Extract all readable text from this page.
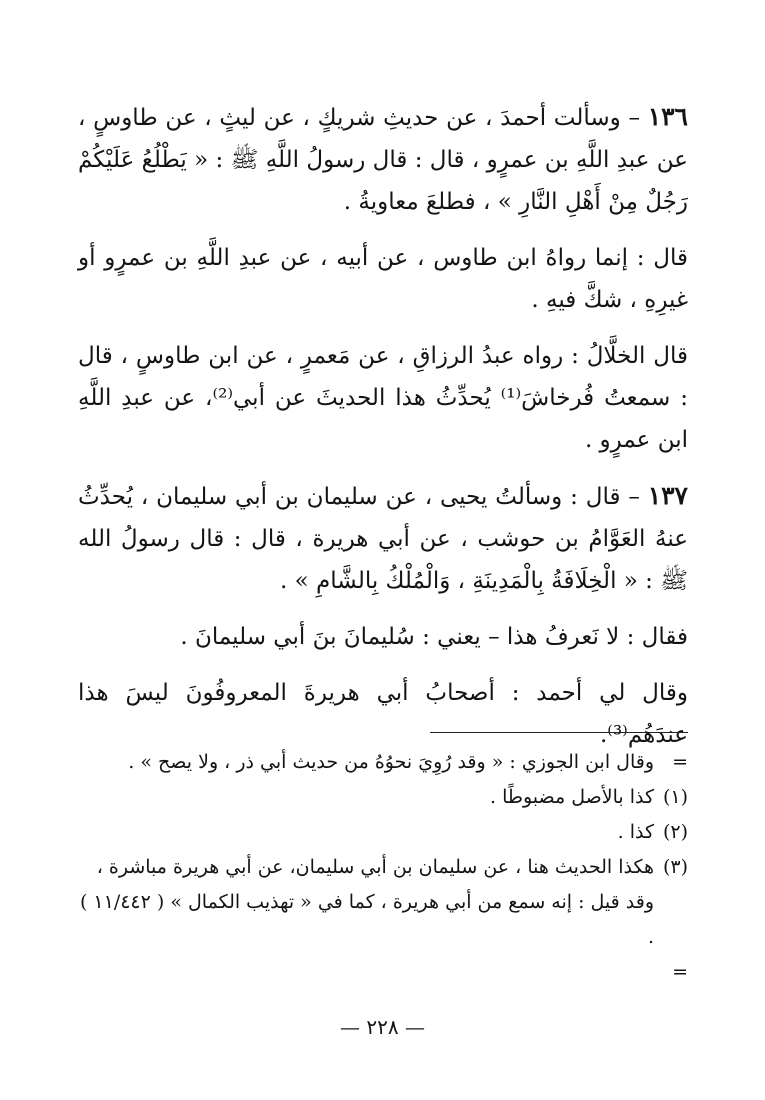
١٣٦ – وسألت أحمدَ ، عن حديثِ شريكٍ ، عن ليثٍ ، عن طاوسٍ ، عن عبدِ اللَّهِ بن عمرٍو ، قال : قال رسولُ اللَّهِ ﷺ : « يَطْلُعُ عَلَيْكُمْ رَجُلٌ مِنْ أَهْلِ النَّارِ » ، فطلعَ معاويةُ .

قال : إنما رواهُ ابن طاوس ، عن أبيه ، عن عبدِ اللَّهِ بن عمرٍو أو غيرِهِ ، شكَّ فيهِ .

قال الخلَّالُ : رواه عبدُ الرزاقِ ، عن مَعمرٍ ، عن ابن طاوسٍ ، قال : سمعتُ فُرخاشَ⁽¹⁾ يُحدِّثُ هذا الحديثَ عن أبي⁽²⁾، عن عبدِ اللَّهِ ابن عمرٍو .

١٣٧ – قال : وسألتُ يحيى ، عن سليمان بن أبي سليمان ، يُحدِّثُ عنهُ العَوَّامُ بن حوشب ، عن أبي هريرة ، قال : قال رسولُ الله ﷺ : « الْخِلَافَةُ بِالْمَدِينَةِ ، وَالْمُلْكُ بِالشَّامِ » .

فقال : لا نَعرفُ هذا – يعني : سُليمانَ بنَ أبي سليمانَ .

وقال لي أحمد : أصحابُ أبي هريرةَ المعروفُونَ ليسَ هذا عندَهُم⁽³⁾.

=
وقال ابن الجوزي : « وقد رُوِيَ نحوُهُ من حديث أبي ذر ، ولا يصح » .
(١)
كذا بالأصل مضبوطًا .
(٢)
كذا .
(٣)
هكذا الحديث هنا ، عن سليمان بن أبي سليمان، عن أبي هريرة مباشرة ، وقد قيل : إنه سمع من أبي هريرة ، كما في « تهذيب الكمال » ( ١١/٤٤٢ ) .
=
— ٢٢٨ —
